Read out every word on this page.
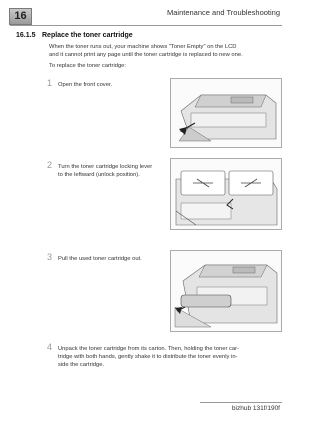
16	Maintenance and Troubleshooting
16.1.5 Replace the toner cartridge
When the toner runs out, your machine shows "Toner Empty" on the LCD
and it cannot print any page until the toner cartridge is replaced to new one.
To replace the toner cartridge:
1 Open the front cover.
2 Turn the toner cartridge locking lever
to the leftward (unlock position).
3 Pull the used toner cartridge out.
4 Unpack the toner cartridge from its carton. Then, holding the toner car-
tridge with both hands, gently shake it to distribute the toner evenly in-
side the cartridge.
bizhub 131f/190f
